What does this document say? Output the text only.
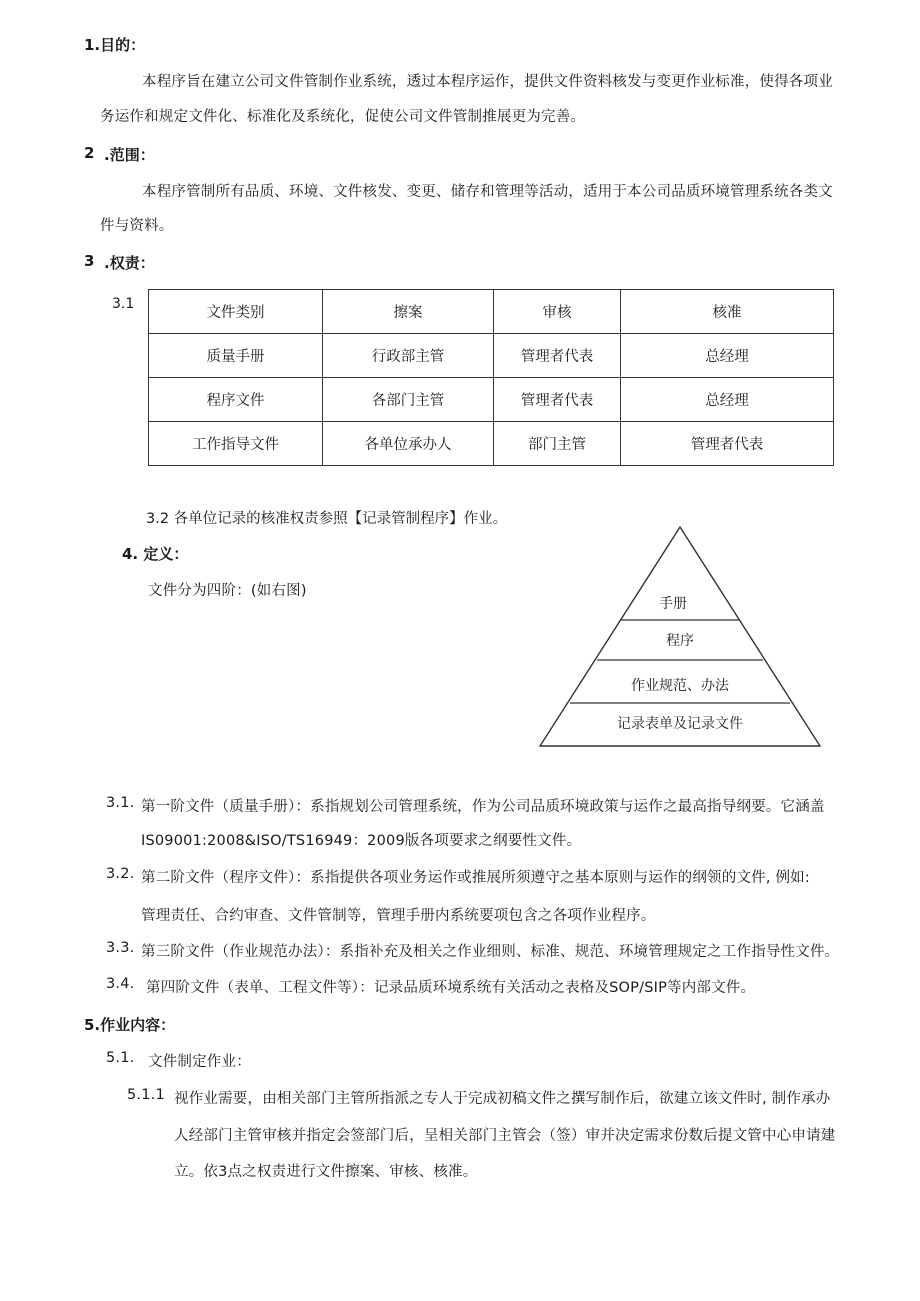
1.目的：
本程序旨在建立公司文件管制作业系统，透过本程序运作，提供文件资料核发与变更作业标准，使得各项业
务运作和规定文件化、标准化及系统化，促使公司文件管制推展更为完善。
2 .范围：
本程序管制所有品质、环境、文件核发、变更、储存和管理等活动，适用于本公司品质环境管理系统各类文
件与资料。
3 .权责：
3.1
文件类别	擦案	审核	核准
质量手册	行政部主管	管理者代表	总经理
程序文件	各部门主管	管理者代表	总经理
工作指导文件	各单位承办人	部门主管	管理者代表
3.2 各单位记录的核准权责参照【记录管制程序】作业。
4. 定义：
文件分为四阶：(如右图)
手册
程序
作业规范、办法
记录表单及记录文件
3.1. 第一阶文件（质量手册）：系指规划公司管理系统，作为公司品质环境政策与运作之最高指导纲要。它涵盖
IS09001:2008&ISO/TS16949：2009版各项要求之纲要性文件。
3.2. 第二阶文件（程序文件）：系指提供各项业务运作或推展所须遵守之基本原则与运作的纲领的文件, 例如:
管理责任、合约审查、文件管制等，管理手册内系统要项包含之各项作业程序。
3.3. 第三阶文件（作业规范办法）：系指补充及相关之作业细则、标准、规范、环境管理规定之工作指导性文件。
3.4. 第四阶文件（表单、工程文件等）：记录品质环境系统有关活动之表格及SOP/SIP等内部文件。
5.作业内容：
5.1. 文件制定作业：
5.1.1 视作业需要，由相关部门主管所指派之专人于完成初稿文件之撰写制作后，欲建立该文件时, 制作承办
人经部门主管审核并指定会签部门后，呈相关部门主管会（签）审并决定需求份数后提文管中心申请建
立。依3点之权责进行文件擦案、审核、核准。
